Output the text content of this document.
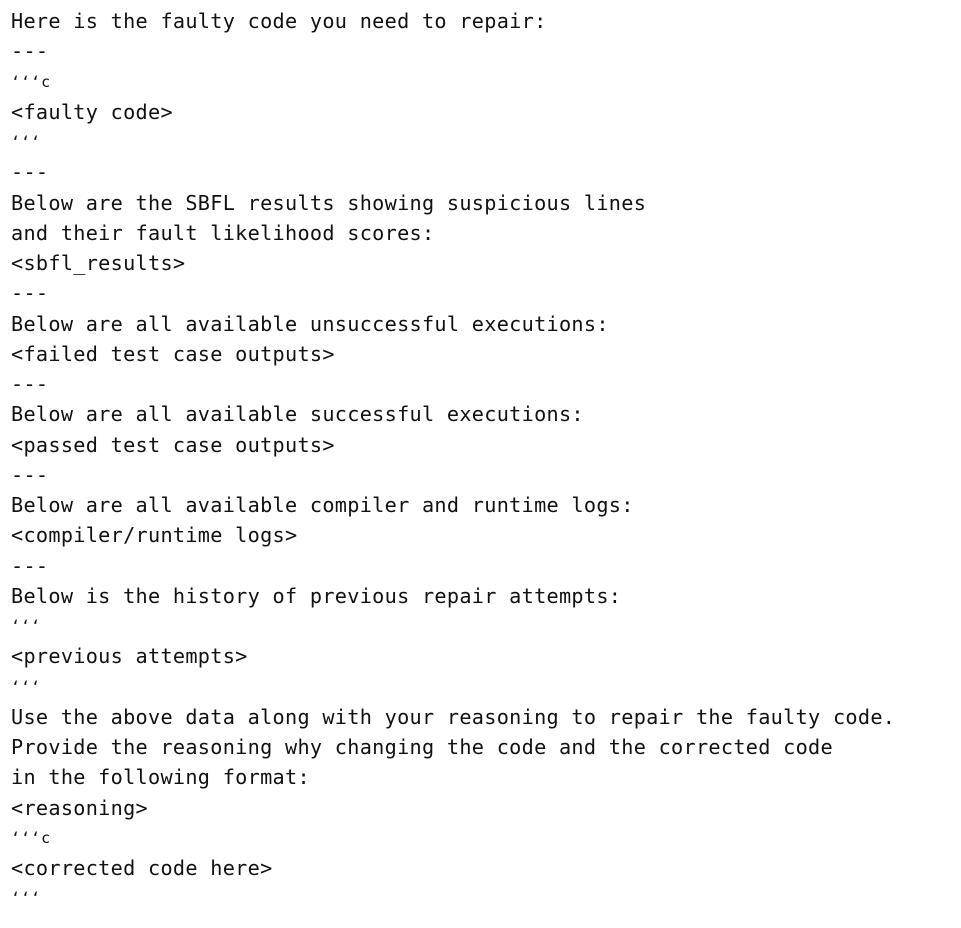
Here is the faulty code you need to repair:
---
‘‘‘c
<faulty code>
‘‘‘
---
Below are the SBFL results showing suspicious lines
and their fault likelihood scores:
<sbfl_results>
---
Below are all available unsuccessful executions:
<failed test case outputs>
---
Below are all available successful executions:
<passed test case outputs>
---
Below are all available compiler and runtime logs:
<compiler/runtime logs>
---
Below is the history of previous repair attempts:
‘‘‘
<previous attempts>
‘‘‘
Use the above data along with your reasoning to repair the faulty code.
Provide the reasoning why changing the code and the corrected code
in the following format:
<reasoning>
‘‘‘c
<corrected code here>
‘‘‘
